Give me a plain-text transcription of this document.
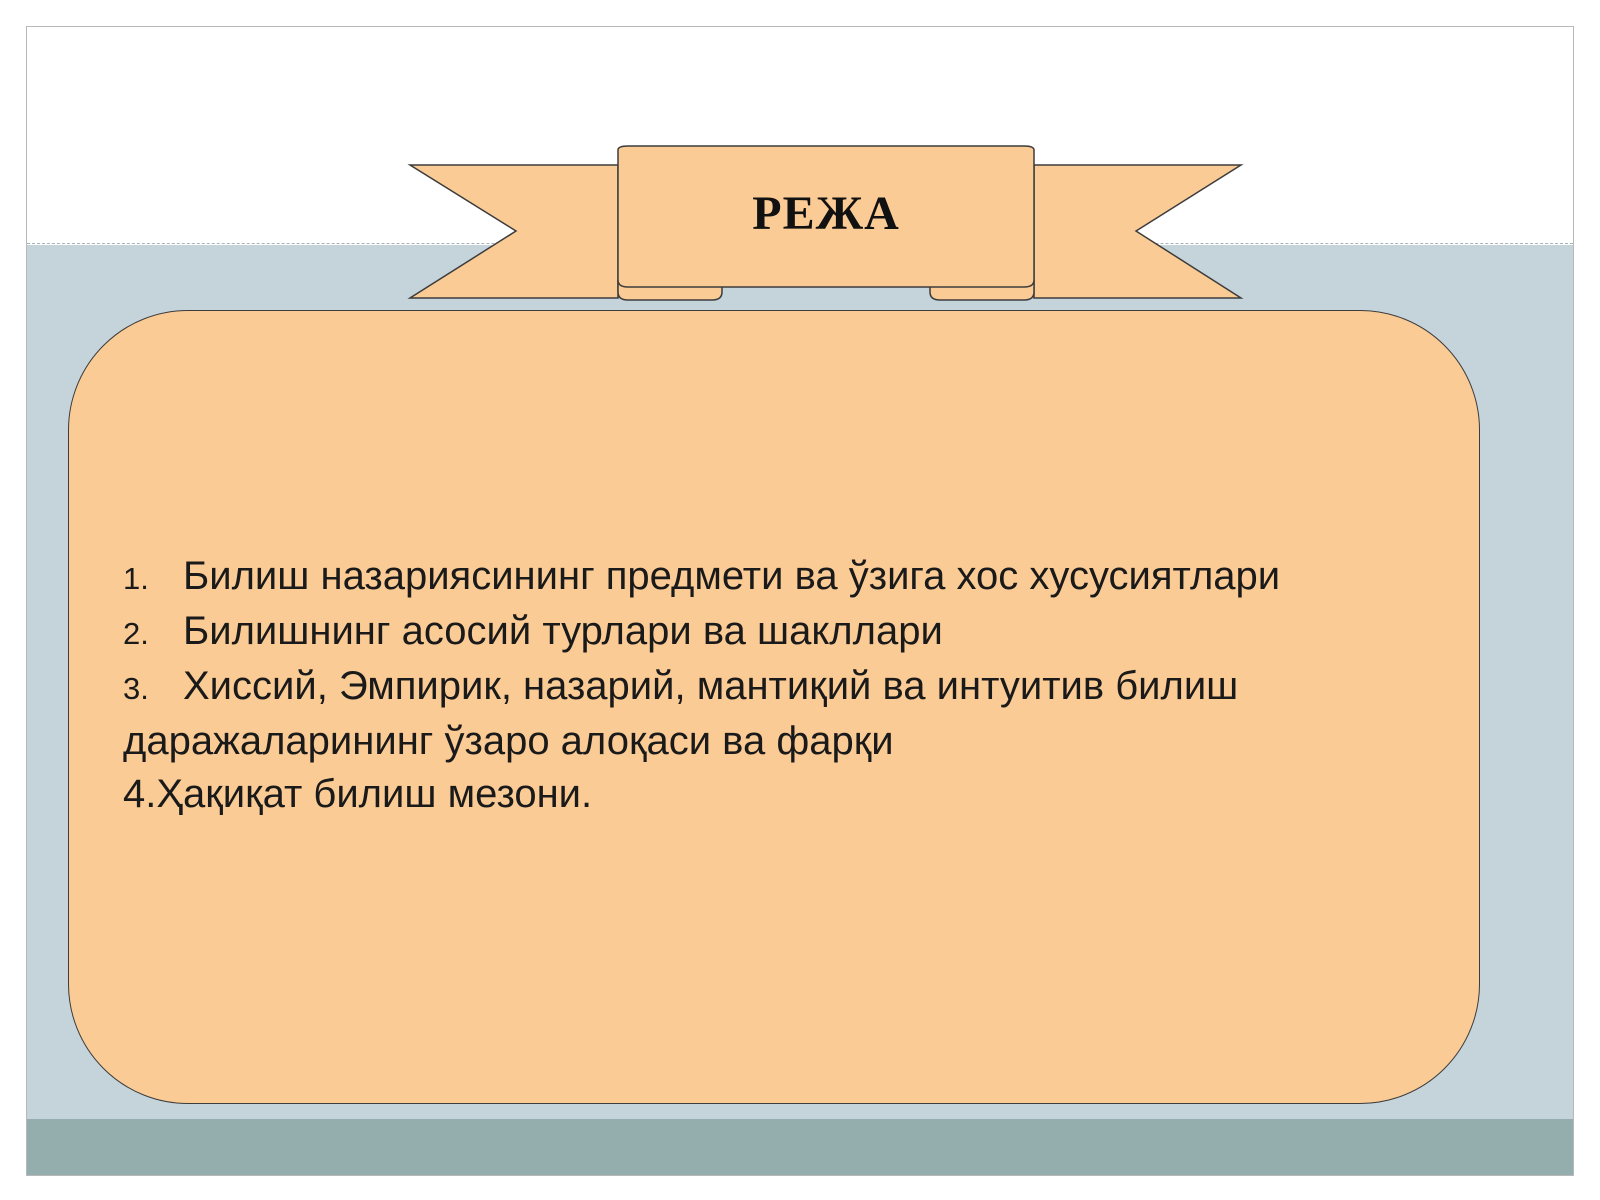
РЕЖА
1. Билиш назариясининг предмети ва ўзига хос хусусиятлари
2. Билишнинг асосий турлари ва шакллари
3. Хиссий, Эмпирик, назарий, мантиқий ва интуитив билиш
даражаларининг ўзаро алоқаси ва фарқи
4.Ҳақиқат билиш мезони.
